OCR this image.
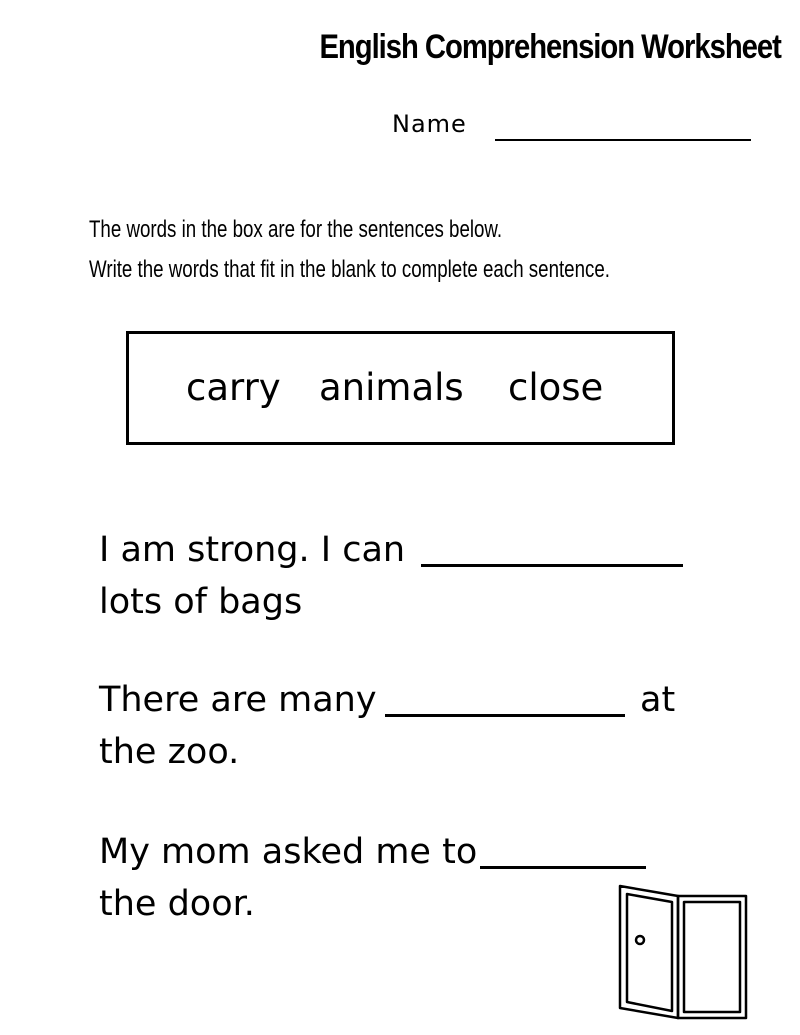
English Comprehension Worksheet
Name
The words in the box are for the sentences below.
Write the words that fit in the blank to complete each sentence.
carry animals close
I am strong. I can
lots of bags
There are many	at
the zoo.
My mom asked me to
the door.
